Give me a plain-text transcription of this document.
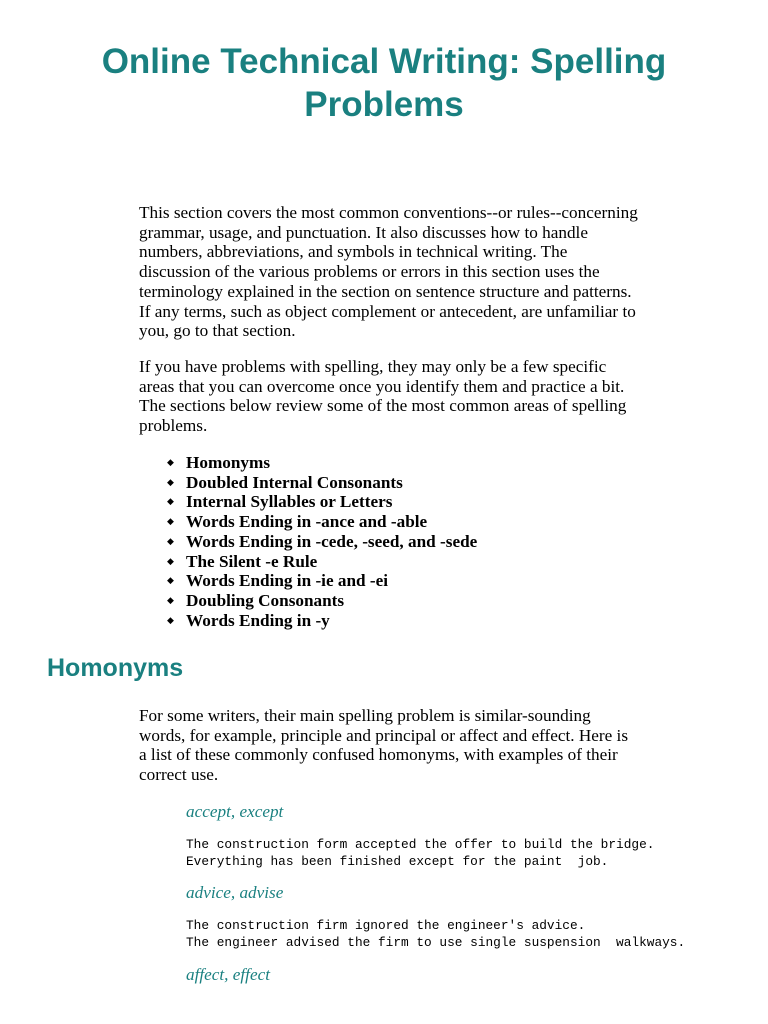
Online Technical Writing: Spelling Problems

This section covers the most common conventions--or rules--concerning grammar, usage, and punctuation. It also discusses how to handle numbers, abbreviations, and symbols in technical writing. The discussion of the various problems or errors in this section uses the terminology explained in the section on sentence structure and patterns. If any terms, such as object complement or antecedent, are unfamiliar to you, go to that section.

If you have problems with spelling, they may only be a few specific areas that you can overcome once you identify them and practice a bit. The sections below review some of the most common areas of spelling problems.

◆ Homonyms
◆ Doubled Internal Consonants
◆ Internal Syllables or Letters
◆ Words Ending in -ance and -able
◆ Words Ending in -cede, -seed, and -sede
◆ The Silent -e Rule
◆ Words Ending in -ie and -ei
◆ Doubling Consonants
◆ Words Ending in -y
Homonyms

For some writers, their main spelling problem is similar-sounding words, for example, principle and principal or affect and effect. Here is a list of these commonly confused homonyms, with examples of their correct use.

accept, except

The construction form accepted the offer to build the bridge.
Everything has been finished except for the paint  job.

advice, advise

The construction firm ignored the engineer's advice.
The engineer advised the firm to use single suspension  walkways.

affect, effect
